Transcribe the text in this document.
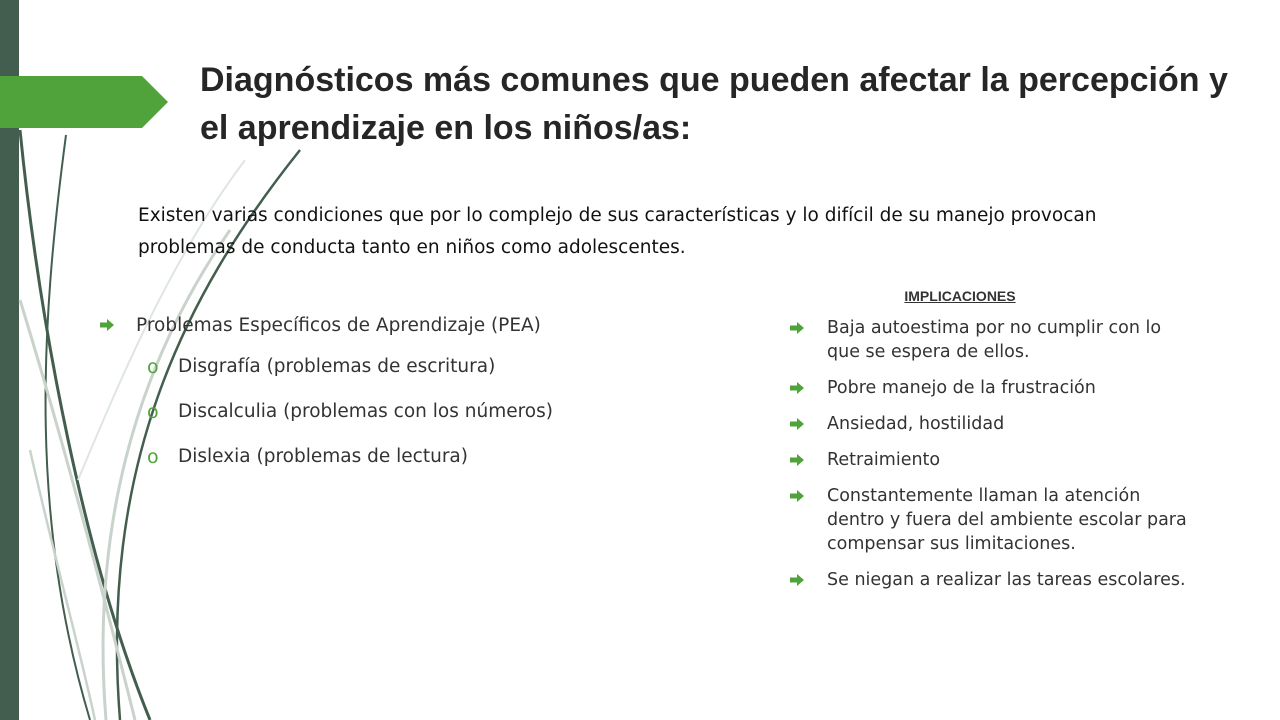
Diagnósticos más comunes que pueden afectar la percepción y el aprendizaje en los niños/as:

Existen varias condiciones que por lo complejo de sus características y lo difícil de su manejo provocan problemas de conducta tanto en niños como adolescentes.

Problemas Específicos de Aprendizaje (PEA)
o	Disgrafía (problemas de escritura)
o	Discalculia (problemas con los números)
o	Dislexia (problemas de lectura)

IMPLICACIONES

Baja autoestima por no cumplir con lo que se espera de ellos.
Pobre manejo de la frustración
Ansiedad, hostilidad
Retraimiento
Constantemente llaman la atención dentro y fuera del ambiente escolar para compensar sus limitaciones.
Se niegan a realizar las tareas escolares.
